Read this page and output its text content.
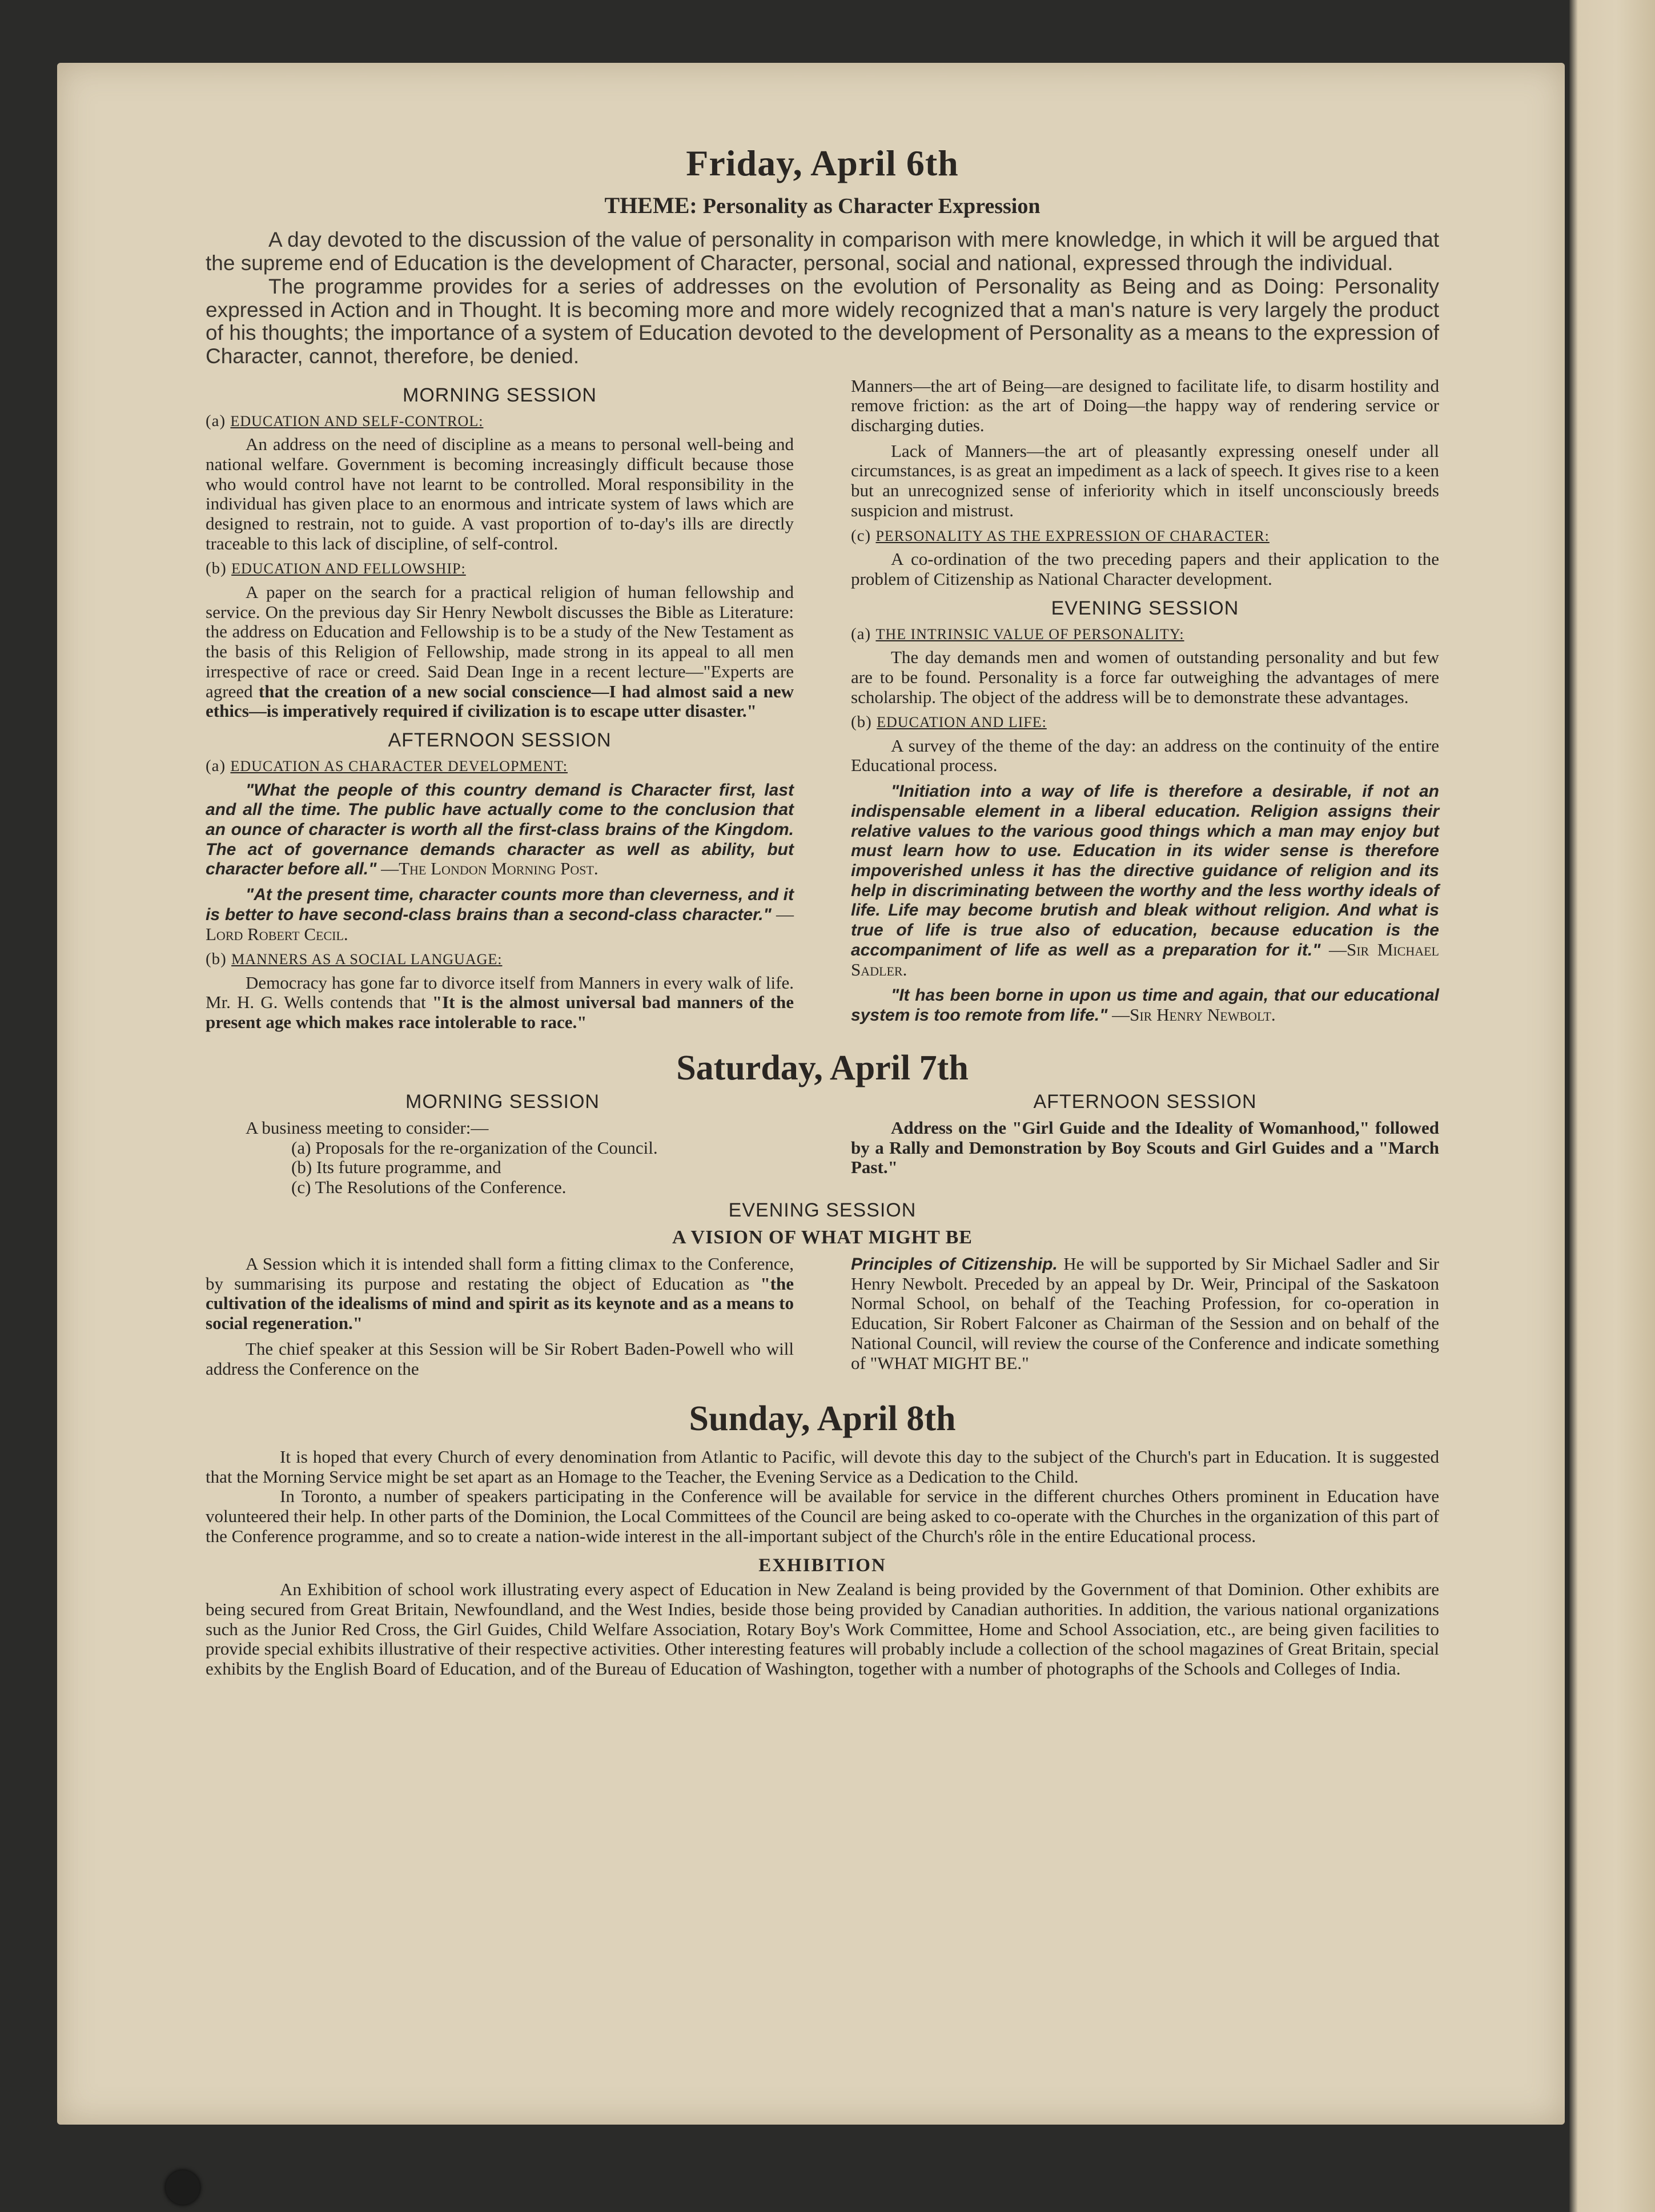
Friday, April 6th
THEME: Personality as Character Expression

A day devoted to the discussion of the value of personality in comparison with mere knowledge, in which it will be argued that the supreme end of Education is the development of Character, personal, social and national, expressed through the individual.

The programme provides for a series of addresses on the evolution of Personality as Being and as Doing: Personality expressed in Action and in Thought. It is becoming more and more widely recognized that a man's nature is very largely the product of his thoughts; the importance of a system of Education devoted to the development of Personality as a means to the expression of Character, cannot, therefore, be denied.

MORNING SESSION
(a) EDUCATION AND SELF-CONTROL:

An address on the need of discipline as a means to personal well-being and national welfare. Government is becoming increasingly difficult because those who would control have not learnt to be controlled. Moral responsibility in the individual has given place to an enormous and intricate system of laws which are designed to restrain, not to guide. A vast proportion of to-day's ills are directly traceable to this lack of discipline, of self-control.

(b) EDUCATION AND FELLOWSHIP:

A paper on the search for a practical religion of human fellowship and service. On the previous day Sir Henry Newbolt discusses the Bible as Literature: the address on Education and Fellowship is to be a study of the New Testament as the basis of this Religion of Fellowship, made strong in its appeal to all men irrespective of race or creed. Said Dean Inge in a recent lecture—"Experts are agreed that the creation of a new social conscience—I had almost said a new ethics—is imperatively required if civilization is to escape utter disaster."

AFTERNOON SESSION
(a) EDUCATION AS CHARACTER DEVELOPMENT:

"What the people of this country demand is Character first, last and all the time. The public have actually come to the conclusion that an ounce of character is worth all the first-class brains of the Kingdom. The act of governance demands character as well as ability, but character before all." —The London Morning Post.

"At the present time, character counts more than cleverness, and it is better to have second-class brains than a second-class character." —Lord Robert Cecil.

(b) MANNERS AS A SOCIAL LANGUAGE:

Democracy has gone far to divorce itself from Manners in every walk of life. Mr. H. G. Wells contends that "It is the almost universal bad manners of the present age which makes race intolerable to race."

Manners—the art of Being—are designed to facilitate life, to disarm hostility and remove friction: as the art of Doing—the happy way of rendering service or discharging duties.

Lack of Manners—the art of pleasantly expressing oneself under all circumstances, is as great an impediment as a lack of speech. It gives rise to a keen but an unrecognized sense of inferiority which in itself unconsciously breeds suspicion and mistrust.

(c) PERSONALITY AS THE EXPRESSION OF CHARACTER:

A co-ordination of the two preceding papers and their application to the problem of Citizenship as National Character development.

EVENING SESSION
(a) THE INTRINSIC VALUE OF PERSONALITY:

The day demands men and women of outstanding personality and but few are to be found. Personality is a force far outweighing the advantages of mere scholarship. The object of the address will be to demonstrate these advantages.

(b) EDUCATION AND LIFE:

A survey of the theme of the day: an address on the continuity of the entire Educational process.

"Initiation into a way of life is therefore a desirable, if not an indispensable element in a liberal education. Religion assigns their relative values to the various good things which a man may enjoy but must learn how to use. Education in its wider sense is therefore impoverished unless it has the directive guidance of religion and its help in discriminating between the worthy and the less worthy ideals of life. Life may become brutish and bleak without religion. And what is true of life is true also of education, because education is the accompaniment of life as well as a preparation for it." —Sir Michael Sadler.

"It has been borne in upon us time and again, that our educational system is too remote from life." —Sir Henry Newbolt.

Saturday, April 7th
MORNING SESSION
A business meeting to consider:—
(a) Proposals for the re-organization of the Council.
(b) Its future programme, and
(c) The Resolutions of the Conference.
AFTERNOON SESSION

Address on the "Girl Guide and the Ideality of Womanhood," followed by a Rally and Demonstration by Boy Scouts and Girl Guides and a "March Past."

EVENING SESSION
A VISION OF WHAT MIGHT BE

A Session which it is intended shall form a fitting climax to the Conference, by summarising its purpose and restating the object of Education as "the cultivation of the idealisms of mind and spirit as its keynote and as a means to social regeneration."

The chief speaker at this Session will be Sir Robert Baden-Powell who will address the Conference on the

Principles of Citizenship. He will be supported by Sir Michael Sadler and Sir Henry Newbolt. Preceded by an appeal by Dr. Weir, Principal of the Saskatoon Normal School, on behalf of the Teaching Profession, for co-operation in Education, Sir Robert Falconer as Chairman of the Session and on behalf of the National Council, will review the course of the Conference and indicate something of "WHAT MIGHT BE."

Sunday, April 8th

It is hoped that every Church of every denomination from Atlantic to Pacific, will devote this day to the subject of the Church's part in Education. It is suggested that the Morning Service might be set apart as an Homage to the Teacher, the Evening Service as a Dedication to the Child.

In Toronto, a number of speakers participating in the Conference will be available for service in the different churches Others prominent in Education have volunteered their help. In other parts of the Dominion, the Local Committees of the Council are being asked to co-operate with the Churches in the organization of this part of the Conference programme, and so to create a nation-wide interest in the all-important subject of the Church's rôle in the entire Educational process.

EXHIBITION

An Exhibition of school work illustrating every aspect of Education in New Zealand is being provided by the Government of that Dominion. Other exhibits are being secured from Great Britain, Newfoundland, and the West Indies, beside those being provided by Canadian authorities. In addition, the various national organizations such as the Junior Red Cross, the Girl Guides, Child Welfare Association, Rotary Boy's Work Committee, Home and School Association, etc., are being given facilities to provide special exhibits illustrative of their respective activities. Other interesting features will probably include a collection of the school magazines of Great Britain, special exhibits by the English Board of Education, and of the Bureau of Education of Washington, together with a number of photographs of the Schools and Colleges of India.
